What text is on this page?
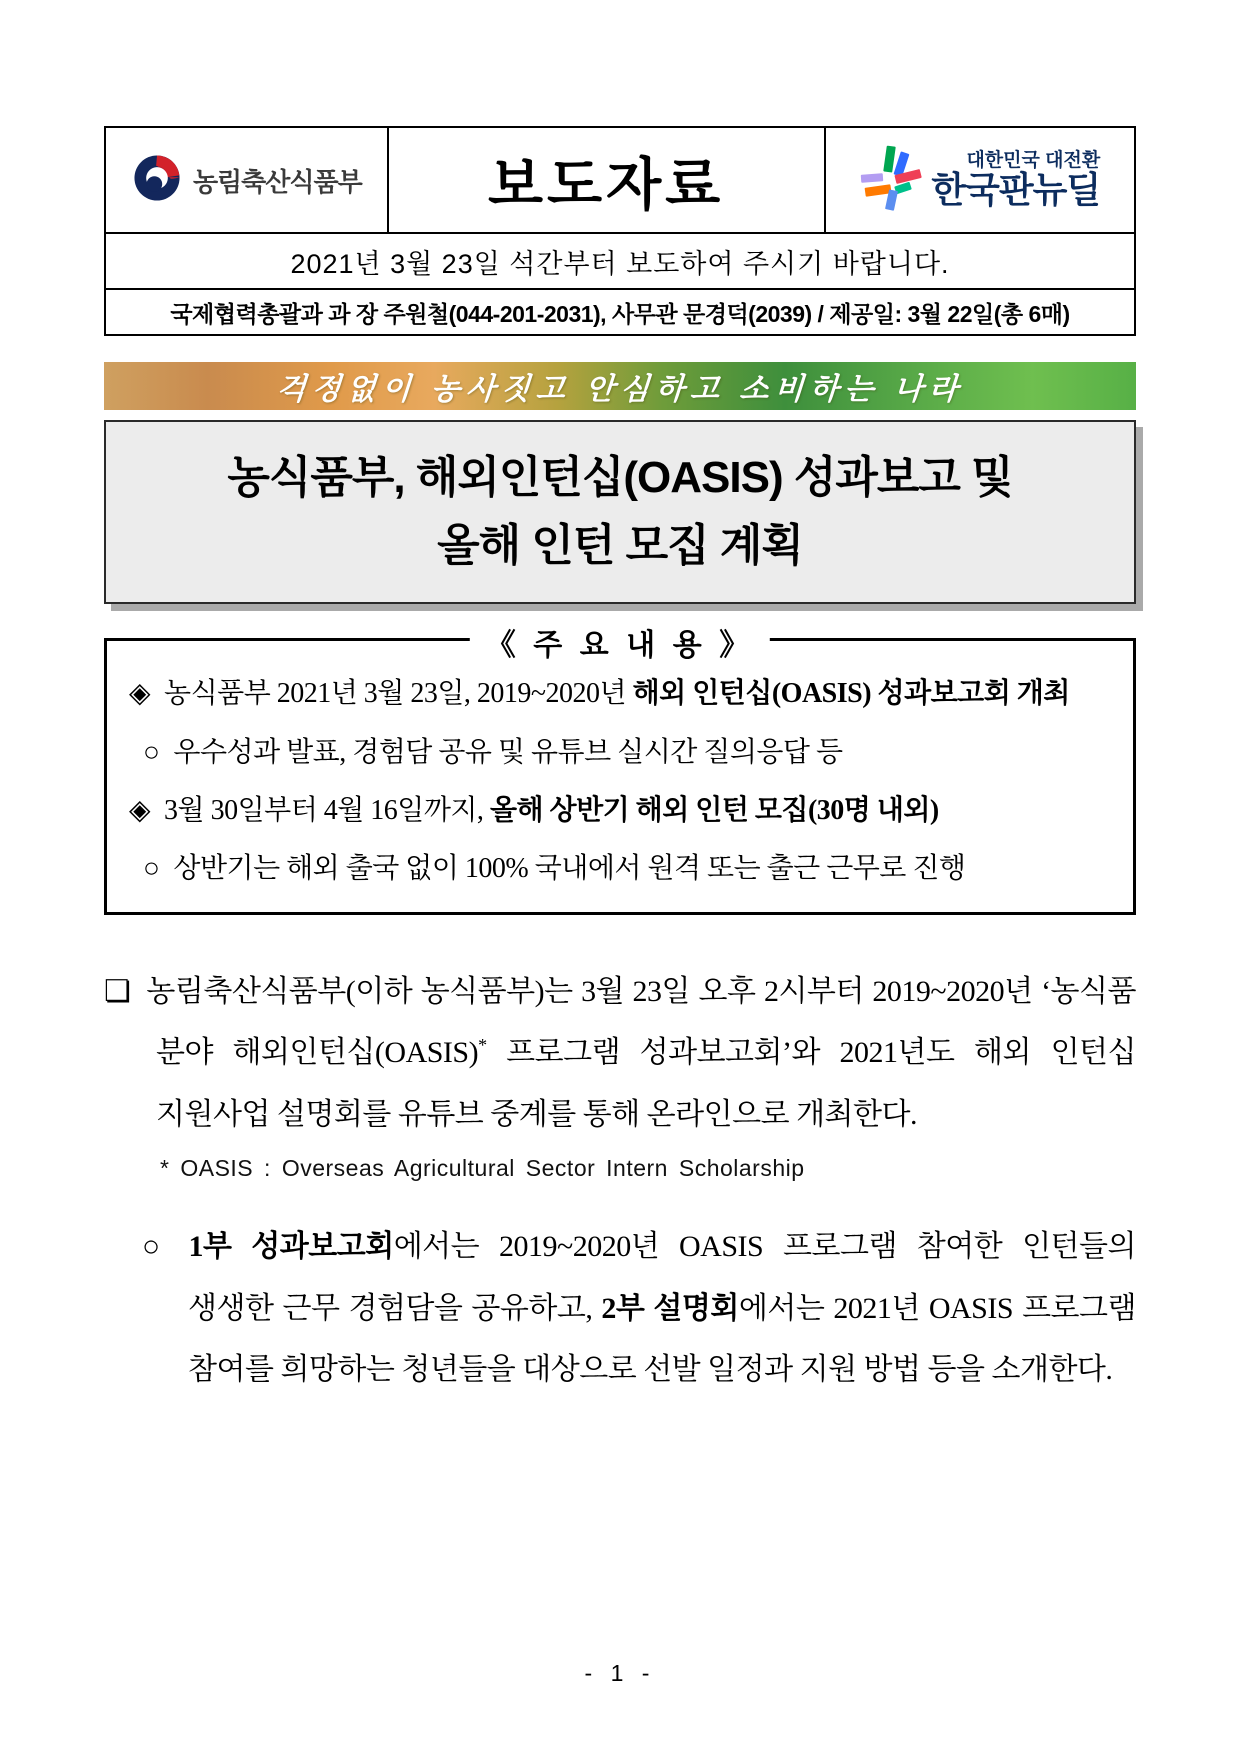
농림축산식품부 보도자료	대한민국 대전환
한국판뉴딜
2021년 3월 23일 석간부터 보도하여 주시기 바랍니다.
국제협력총괄과 과 장 주원철(044-201-2031), 사무관 문경덕(2039) / 제공일: 3월 22일(총 6매)
걱정없이 농사짓고 안심하고 소비하는 나라
농식품부, 해외인턴십(OASIS) 성과보고 및
올해 인턴 모집 계획
《 주 요 내 용 》
◈ 농식품부 2021년 3월 23일, 2019~2020년 해외 인턴십(OASIS) 성과보고회 개최
○ 우수성과 발표, 경험담 공유 및 유튜브 실시간 질의응답 등
◈ 3월 30일부터 4월 16일까지, 올해 상반기 해외 인턴 모집(30명 내외)
○ 상반기는 해외 출국 없이 100% 국내에서 원격 또는 출근 근무로 진행

❏ 농림축산식품부(이하 농식품부)는 3월 23일 오후 2시부터 2019~2020년 ‘농식품 분야 해외인턴십(OASIS)* 프로그램 성과보고회’와 2021년도 해외 인턴십 지원사업 설명회를 유튜브 중계를 통해 온라인으로 개최한다.

* OASIS : Overseas Agricultural Sector Intern Scholarship

○ 1부 성과보고회에서는 2019~2020년 OASIS 프로그램 참여한 인턴들의 생생한 근무 경험담을 공유하고, 2부 설명회에서는 2021년 OASIS 프로그램 참여를 희망하는 청년들을 대상으로 선발 일정과 지원 방법 등을 소개한다.

- 1 -
